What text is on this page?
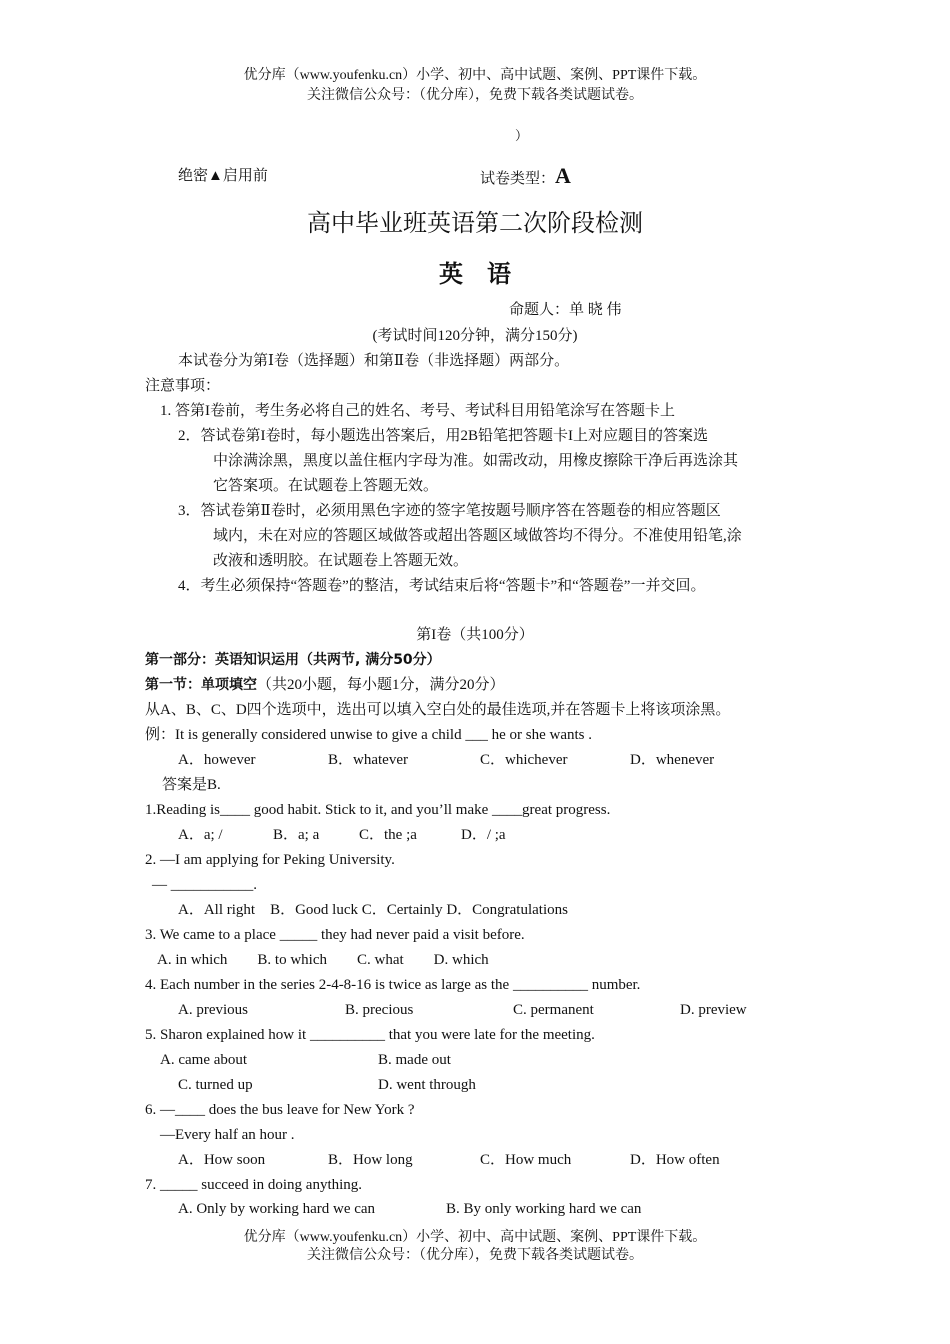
优分库（www.youfenku.cn）小学、初中、高中试题、案例、PPT课件下载。
关注微信公众号：（优分库），免费下载各类试题试卷。
）
绝密▲启用前	试卷类型：A
高中毕业班英语第二次阶段检测
英　语
命题人：单 晓 伟
(考试时间120分钟，满分150分)
本试卷分为第Ⅰ卷（选择题）和第Ⅱ卷（非选择题）两部分。
注意事项：
1. 答第I卷前，考生务必将自己的姓名、考号、考试科目用铅笔涂写在答题卡上
2．答试卷第I卷时，每小题选出答案后，用2B铅笔把答题卡I上对应题目的答案选
中涂满涂黑，黑度以盖住框内字母为准。如需改动，用橡皮擦除干净后再选涂其
它答案项。在试题卷上答题无效。
3．答试卷第Ⅱ卷时，必须用黑色字迹的签字笔按题号顺序答在答题卷的相应答题区
域内，未在对应的答题区域做答或超出答题区域做答均不得分。不准使用铅笔,涂
改液和透明胶。在试题卷上答题无效。
4．考生必须保持“答题卷”的整洁，考试结束后将“答题卡”和“答题卷”一并交回。
第I卷（共100分）
第一部分：英语知识运用（共两节, 满分50分）
第一节：单项填空（共20小题，每小题1分，满分20分）
从A、B、C、D四个选项中，选出可以填入空白处的最佳选项,并在答题卡上将该项涂黑。
例：It is generally considered unwise to give a child ___ he or she wants .
A．however	B．whatever	C．whichever	D．whenever
答案是B.
1.Reading is____ good habit. Stick to it, and you’ll make ____great progress.
A．a; /	B．a; a	C．the ;a	D．/ ;a
2. —I am applying for Peking University.
— ___________.
A．All right　B．Good luck C．Certainly D．Congratulations
3. We came to a place _____ they had never paid a visit before.
A. in which　　B. to which　　C. what　　D. which
4. Each number in the series 2-4-8-16 is twice as large as the __________ number.
A. previous	B. precious	C. permanent	D. preview
5. Sharon explained how it __________ that you were late for the meeting.
A. came about	B. made out
C. turned up	D. went through
6. —____ does the bus leave for New York ?
—Every half an hour .
A．How soon	B．How long	C．How much	D．How often
7. _____ succeed in doing anything.
A. Only by working hard we can	B. By only working hard we can
优分库（www.youfenku.cn）小学、初中、高中试题、案例、PPT课件下载。
关注微信公众号：（优分库），免费下载各类试题试卷。
